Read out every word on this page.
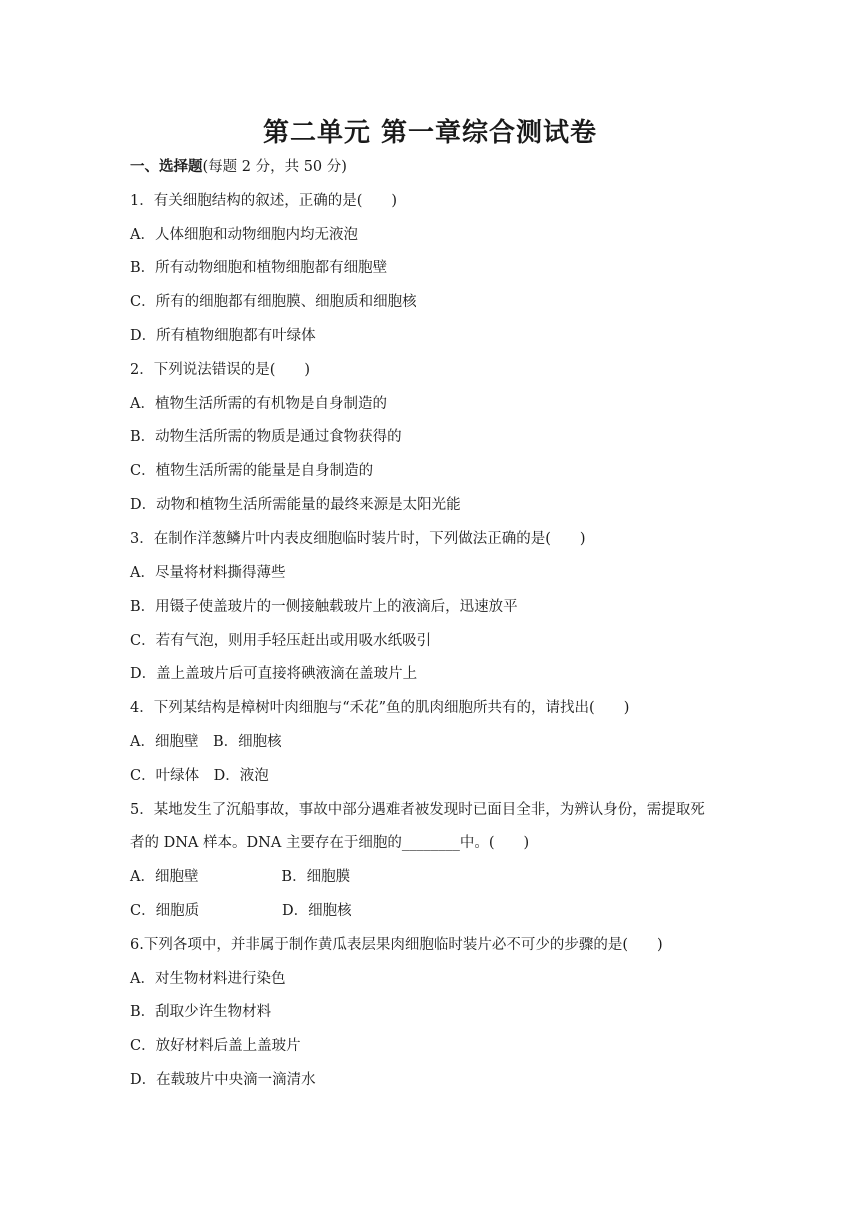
第二单元 第一章综合测试卷
一、选择题(每题 2 分，共 50 分)
1．有关细胞结构的叙述，正确的是(　　)
A．人体细胞和动物细胞内均无液泡
B．所有动物细胞和植物细胞都有细胞壁
C．所有的细胞都有细胞膜、细胞质和细胞核
D．所有植物细胞都有叶绿体
2．下列说法错误的是(　　)
A．植物生活所需的有机物是自身制造的
B．动物生活所需的物质是通过食物获得的
C．植物生活所需的能量是自身制造的
D．动物和植物生活所需能量的最终来源是太阳光能
3．在制作洋葱鳞片叶内表皮细胞临时装片时，下列做法正确的是(　　)
A．尽量将材料撕得薄些
B．用镊子使盖玻片的一侧接触载玻片上的液滴后，迅速放平
C．若有气泡，则用手轻压赶出或用吸水纸吸引
D．盖上盖玻片后可直接将碘液滴在盖玻片上
4．下列某结构是樟树叶肉细胞与“禾花”鱼的肌肉细胞所共有的，请找出(　　)
A．细胞壁　B．细胞核
C．叶绿体　D．液泡
5．某地发生了沉船事故，事故中部分遇难者被发现时已面目全非，为辨认身份，需提取死
者的 DNA 样本。DNA 主要存在于细胞的________中。(　　)
A．细胞壁                  B．细胞膜
C．细胞质                  D．细胞核
6.下列各项中，并非属于制作黄瓜表层果肉细胞临时装片必不可少的步骤的是(　　)
A．对生物材料进行染色
B．刮取少许生物材料
C．放好材料后盖上盖玻片
D．在载玻片中央滴一滴清水
